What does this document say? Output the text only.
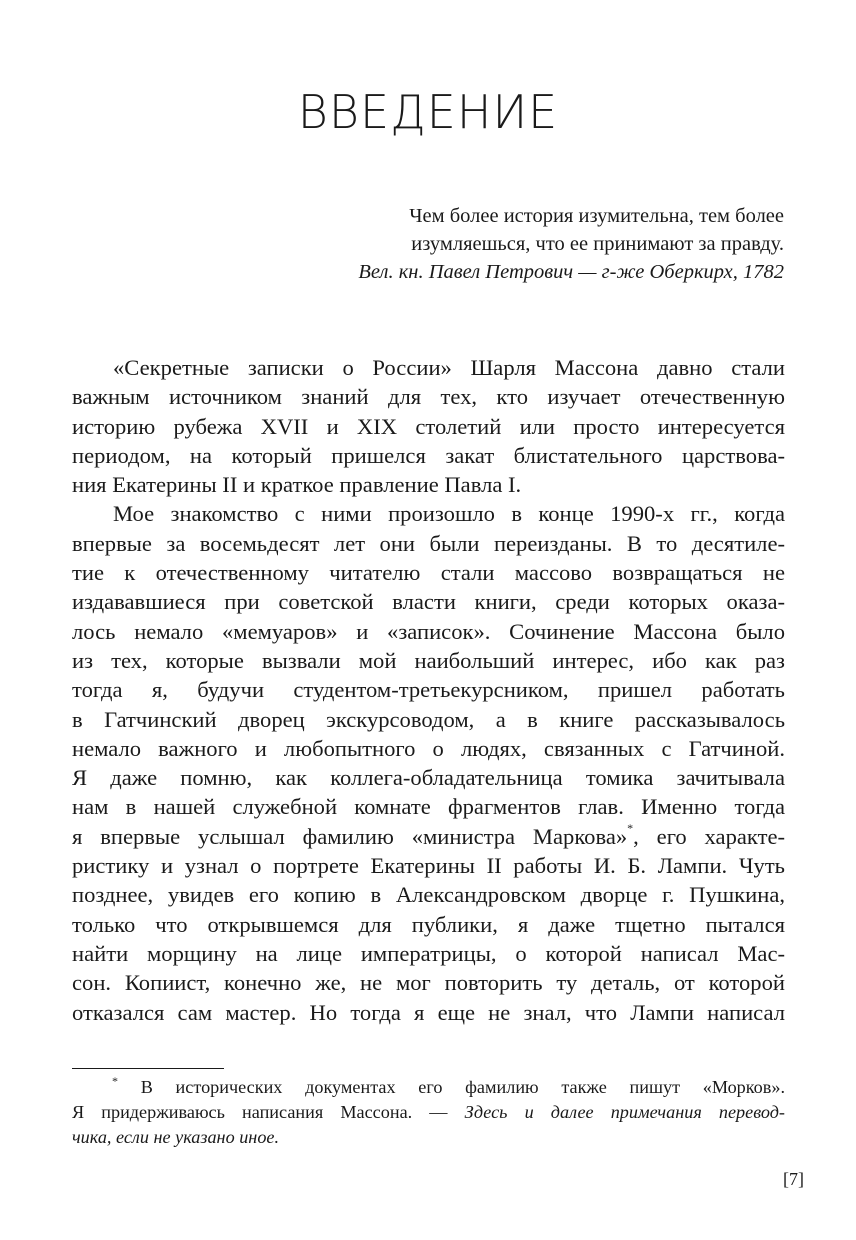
ВВЕДЕНИЕ
Чем более история изумительна, тем более
изумляешься, что ее принимают за правду.
Вел. кн. Павел Петрович — г-же Оберкирх, 1782
«Секретные записки о России» Шарля Массона давно стали
важным источником знаний для тех, кто изучает отечественную
историю рубежа XVII и XIX столетий или просто интересуется
периодом, на который пришелся закат блистательного царствова-
ния Екатерины II и краткое правление Павла I.
Мое знакомство с ними произошло в конце 1990-х гг., когда
впервые за восемьдесят лет они были переизданы. В то десятиле-
тие к отечественному читателю стали массово возвращаться не
издававшиеся при советской власти книги, среди которых оказа-
лось немало «мемуаров» и «записок». Сочинение Массона было
из тех, которые вызвали мой наибольший интерес, ибо как раз
тогда я, будучи студентом-третьекурсником, пришел работать
в Гатчинский дворец экскурсоводом, а в книге рассказывалось
немало важного и любопытного о людях, связанных с Гатчиной.
Я даже помню, как коллега-обладательница томика зачитывала
нам в нашей служебной комнате фрагментов глав. Именно тогда
я впервые услышал фамилию «министра Маркова»*, его характе-
ристику и узнал о портрете Екатерины II работы И. Б. Лампи. Чуть
позднее, увидев его копию в Александровском дворце г. Пушкина,
только что открывшемся для публики, я даже тщетно пытался
найти морщину на лице императрицы, о которой написал Мас-
сон. Копиист, конечно же, не мог повторить ту деталь, от которой
отказался сам мастер. Но тогда я еще не знал, что Лампи написал
* В исторических документах его фамилию также пишут «Морков».
Я придерживаюсь написания Массона. — Здесь и далее примечания перевод-
чика, если не указано иное.
[7]
